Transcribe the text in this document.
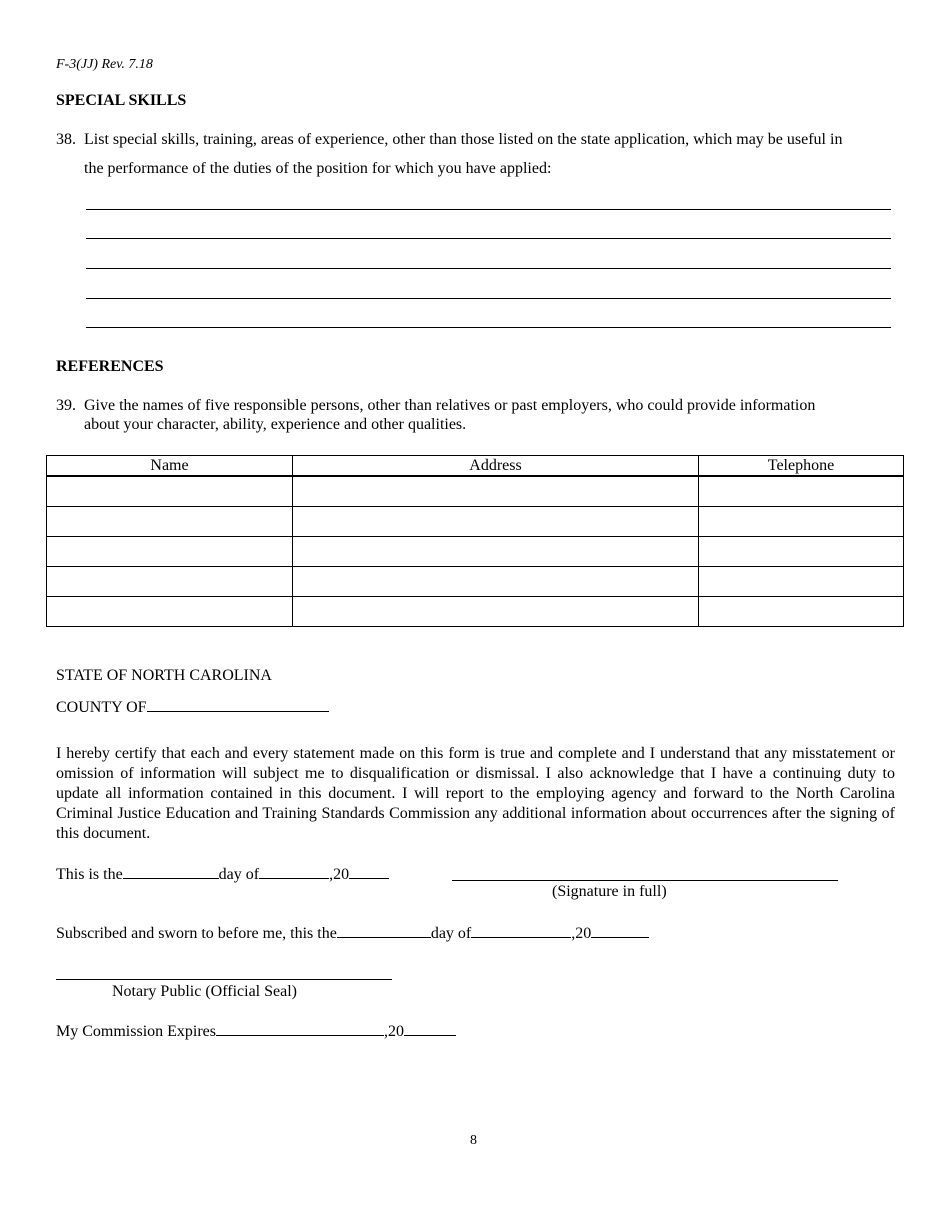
F-3(JJ) Rev. 7.18
SPECIAL SKILLS
38. List special skills, training, areas of experience, other than those listed on the state application, which may be useful in
the performance of the duties of the position for which you have applied:
REFERENCES
39. Give the names of five responsible persons, other than relatives or past employers, who could provide information
about your character, ability, experience and other qualities.
Name	Address	Telephone

STATE OF NORTH CAROLINA
COUNTY OF
I hereby certify that each and every statement made on this form is true and complete and I understand that any misstatement or omission of information will subject me to disqualification or dismissal. I also acknowledge that I have a continuing duty to update all information contained in this document. I will report to the employing agency and forward to the North Carolina Criminal Justice Education and Training Standards Commission any additional information about occurrences after the signing of this document.
This is the	day of	,20
(Signature in full)
Subscribed and sworn to before me, this the	day of	,20
Notary Public (Official Seal)
My Commission Expires	,20
8
